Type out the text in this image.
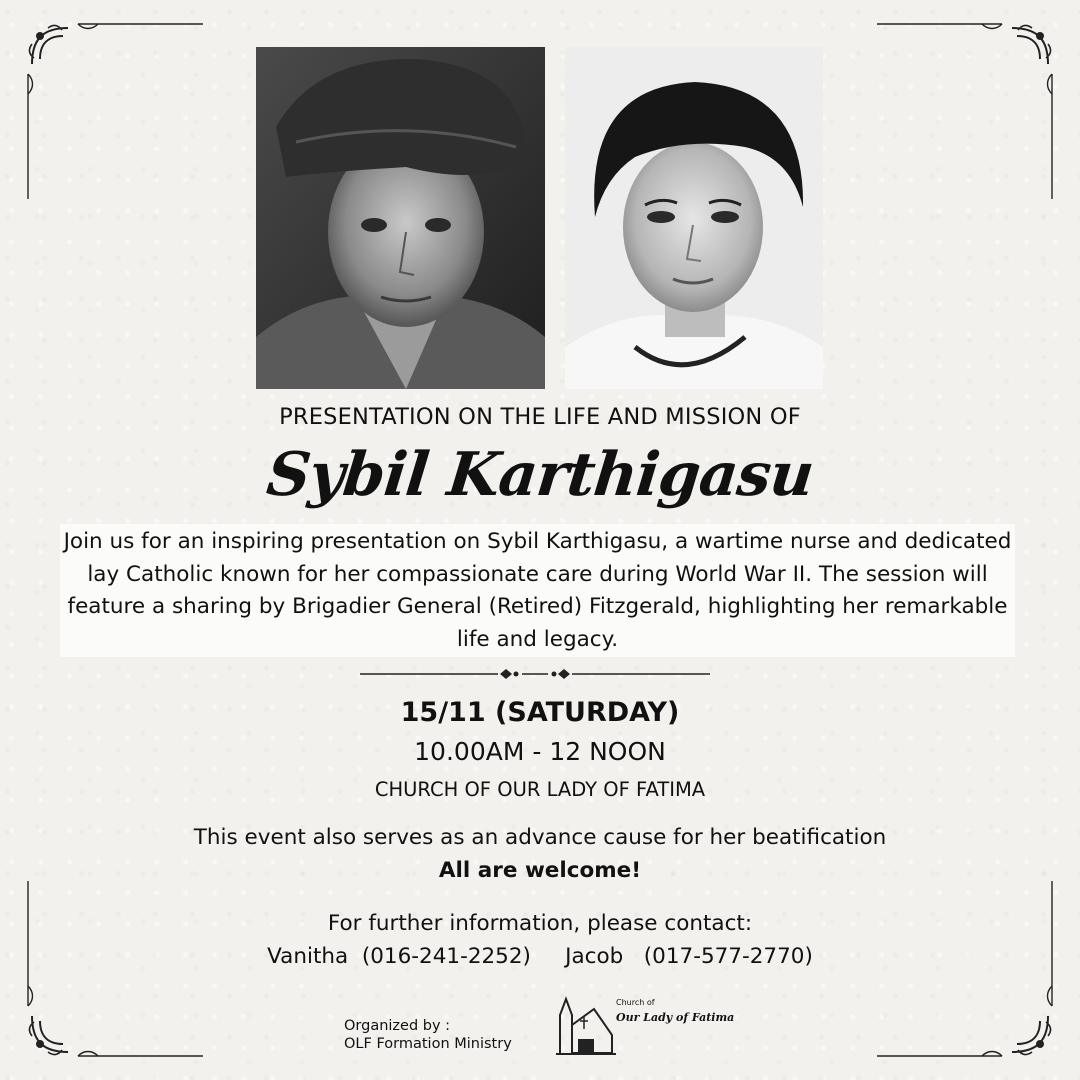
PRESENTATION ON THE LIFE AND MISSION OF
Sybil Karthigasu
Join us for an inspiring presentation on Sybil Karthigasu, a wartime nurse and dedicated lay Catholic known for her compassionate care during World War II. The session will feature a sharing by Brigadier General (Retired) Fitzgerald, highlighting her remarkable life and legacy.
15/11 (SATURDAY)
10.00AM - 12 NOON
CHURCH OF OUR LADY OF FATIMA
This event also serves as an advance cause for her beatification
All are welcome!
For further information, please contact:
Vanitha (016-241-2252) Jacob (017-577-2770)
Organized by :
OLF Formation Ministry
Church of
Our Lady of Fatima
